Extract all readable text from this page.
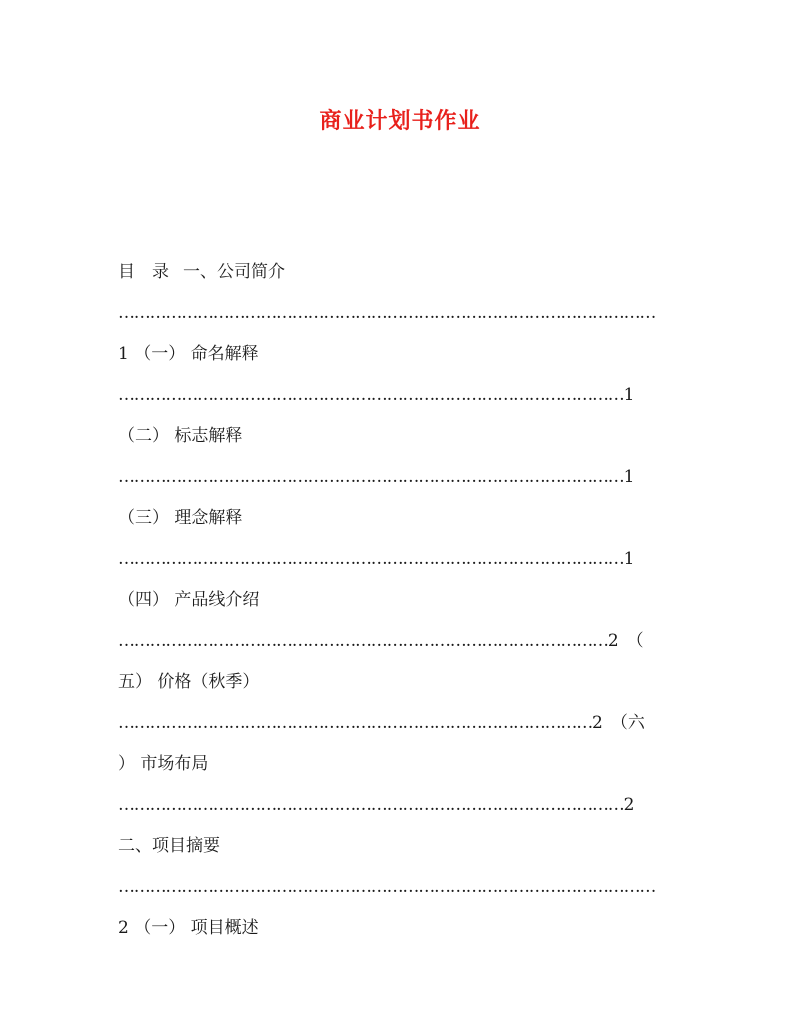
商业计划书作业
目　录 一、公司简介
…………………………………………………………………………………………
1 （一） 命名解释
……………………………………………………………………………………1
（二） 标志解释
……………………………………………………………………………………1
（三） 理念解释
……………………………………………………………………………………1
（四） 产品线介绍
…………………………………………………………………………………2 （
五） 价格（秋季）
………………………………………………………………………………2 （六
） 市场布局
……………………………………………………………………………………2
二、项目摘要
…………………………………………………………………………………………
2 （一） 项目概述
